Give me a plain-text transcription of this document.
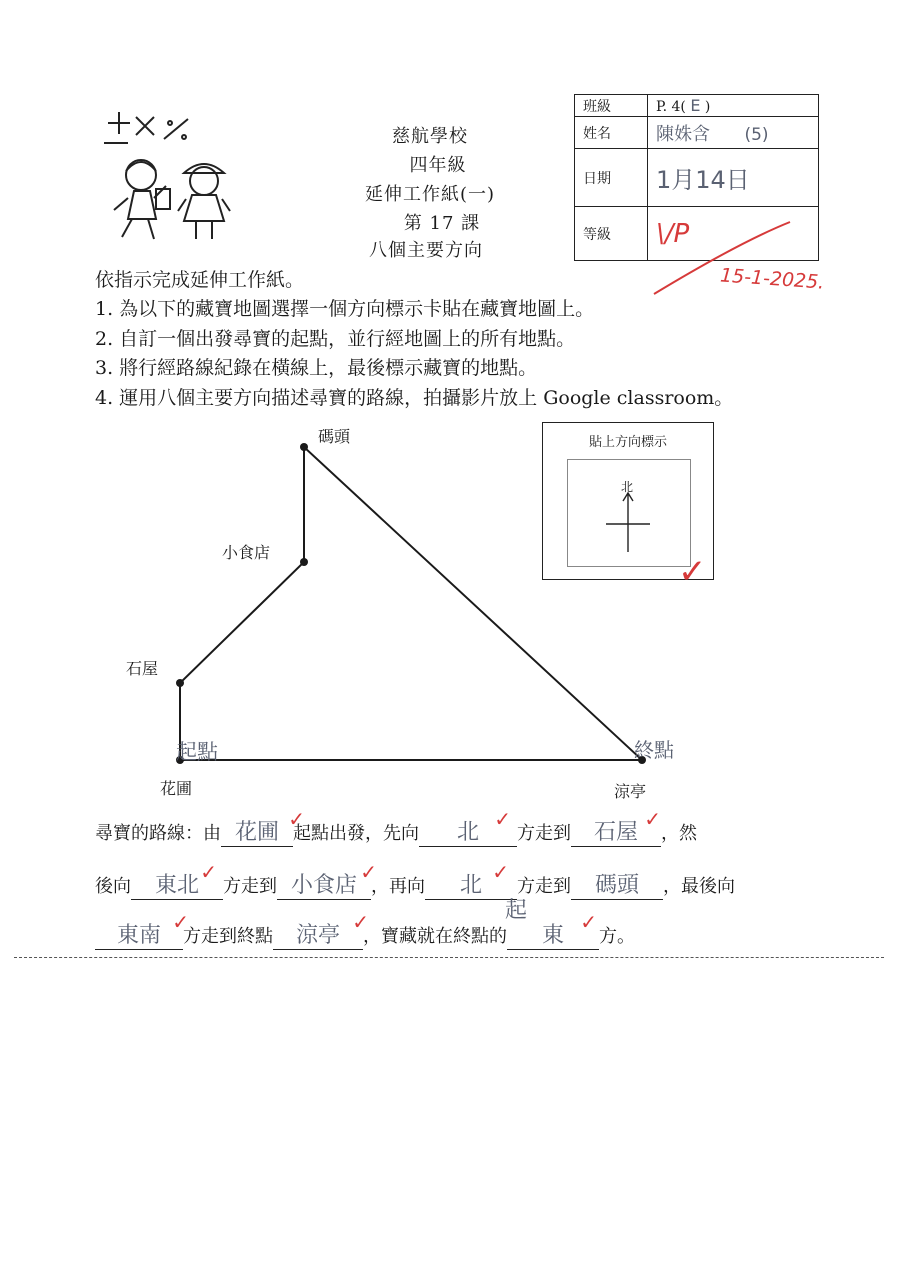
慈航學校
四年級
延伸工作紙(一)
第 17 課
八個主要方向
班級	P. 4( E )
姓名	陳姝含 (5)
日期	1月14日
等級	\/P
15-1-2025.
依指示完成延伸工作紙。
1. 為以下的藏寶地圖選擇一個方向標示卡貼在藏寶地圖上。
2. 自訂一個出發尋寶的起點，並行經地圖上的所有地點。
3. 將行經路線紀錄在橫線上，最後標示藏寶的地點。
4. 運用八個主要方向描述尋寶的路線，拍攝影片放上 Google classroom。
碼頭
小食店
石屋
花圃	涼亭
起點	終點
貼上方向標示
北
✓
尋寶的路線：由 花圃
✓
起點出發，先向 北
✓
方走到 石屋
✓
，然
後向 東北
✓
方走到 小食店
✓
，再向 北
✓
方走到 碼頭 ，最後向
起
東南
✓
方走到終點 涼亭
✓
，寶藏就在終點的 東
✓
方。
